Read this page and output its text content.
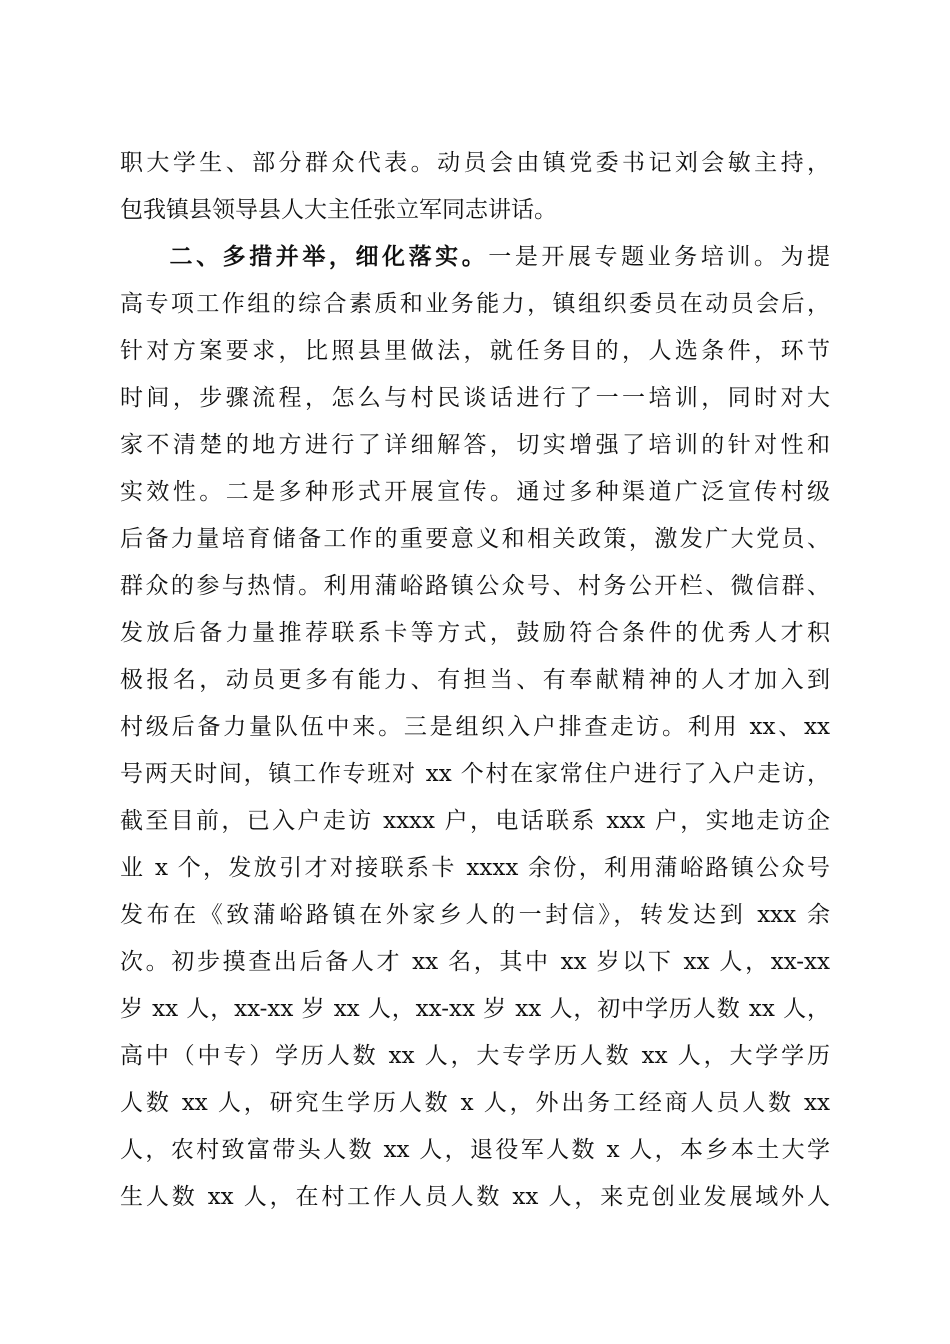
职大学生、部分群众代表。动员会由镇党委书记刘会敏主持，
包我镇县领导县人大主任张立军同志讲话。
二、多措并举，细化落实。一是开展专题业务培训。为提
高专项工作组的综合素质和业务能力，镇组织委员在动员会后，
针对方案要求，比照县里做法，就任务目的，人选条件，环节
时间，步骤流程，怎么与村民谈话进行了一一培训，同时对大
家不清楚的地方进行了详细解答，切实增强了培训的针对性和
实效性。二是多种形式开展宣传。通过多种渠道广泛宣传村级
后备力量培育储备工作的重要意义和相关政策，激发广大党员、
群众的参与热情。利用蒲峪路镇公众号、村务公开栏、微信群、
发放后备力量推荐联系卡等方式，鼓励符合条件的优秀人才积
极报名，动员更多有能力、有担当、有奉献精神的人才加入到
村级后备力量队伍中来。三是组织入户排查走访。利用 xx、xx
号两天时间，镇工作专班对 xx 个村在家常住户进行了入户走访，
截至目前，已入户走访 xxxx 户，电话联系 xxx 户，实地走访企
业 x 个，发放引才对接联系卡 xxxx 余份，利用蒲峪路镇公众号
发布在《致蒲峪路镇在外家乡人的一封信》，转发达到 xxx 余
次。初步摸查出后备人才 xx 名，其中 xx 岁以下 xx 人，xx-xx
岁 xx 人，xx-xx 岁 xx 人，xx-xx 岁 xx 人，初中学历人数 xx 人，
高中（中专）学历人数 xx 人，大专学历人数 xx 人，大学学历
人数 xx 人，研究生学历人数 x 人，外出务工经商人员人数 xx
人，农村致富带头人数 xx 人，退役军人数 x 人，本乡本土大学
生人数 xx 人，在村工作人员人数 xx 人，来克创业发展域外人
